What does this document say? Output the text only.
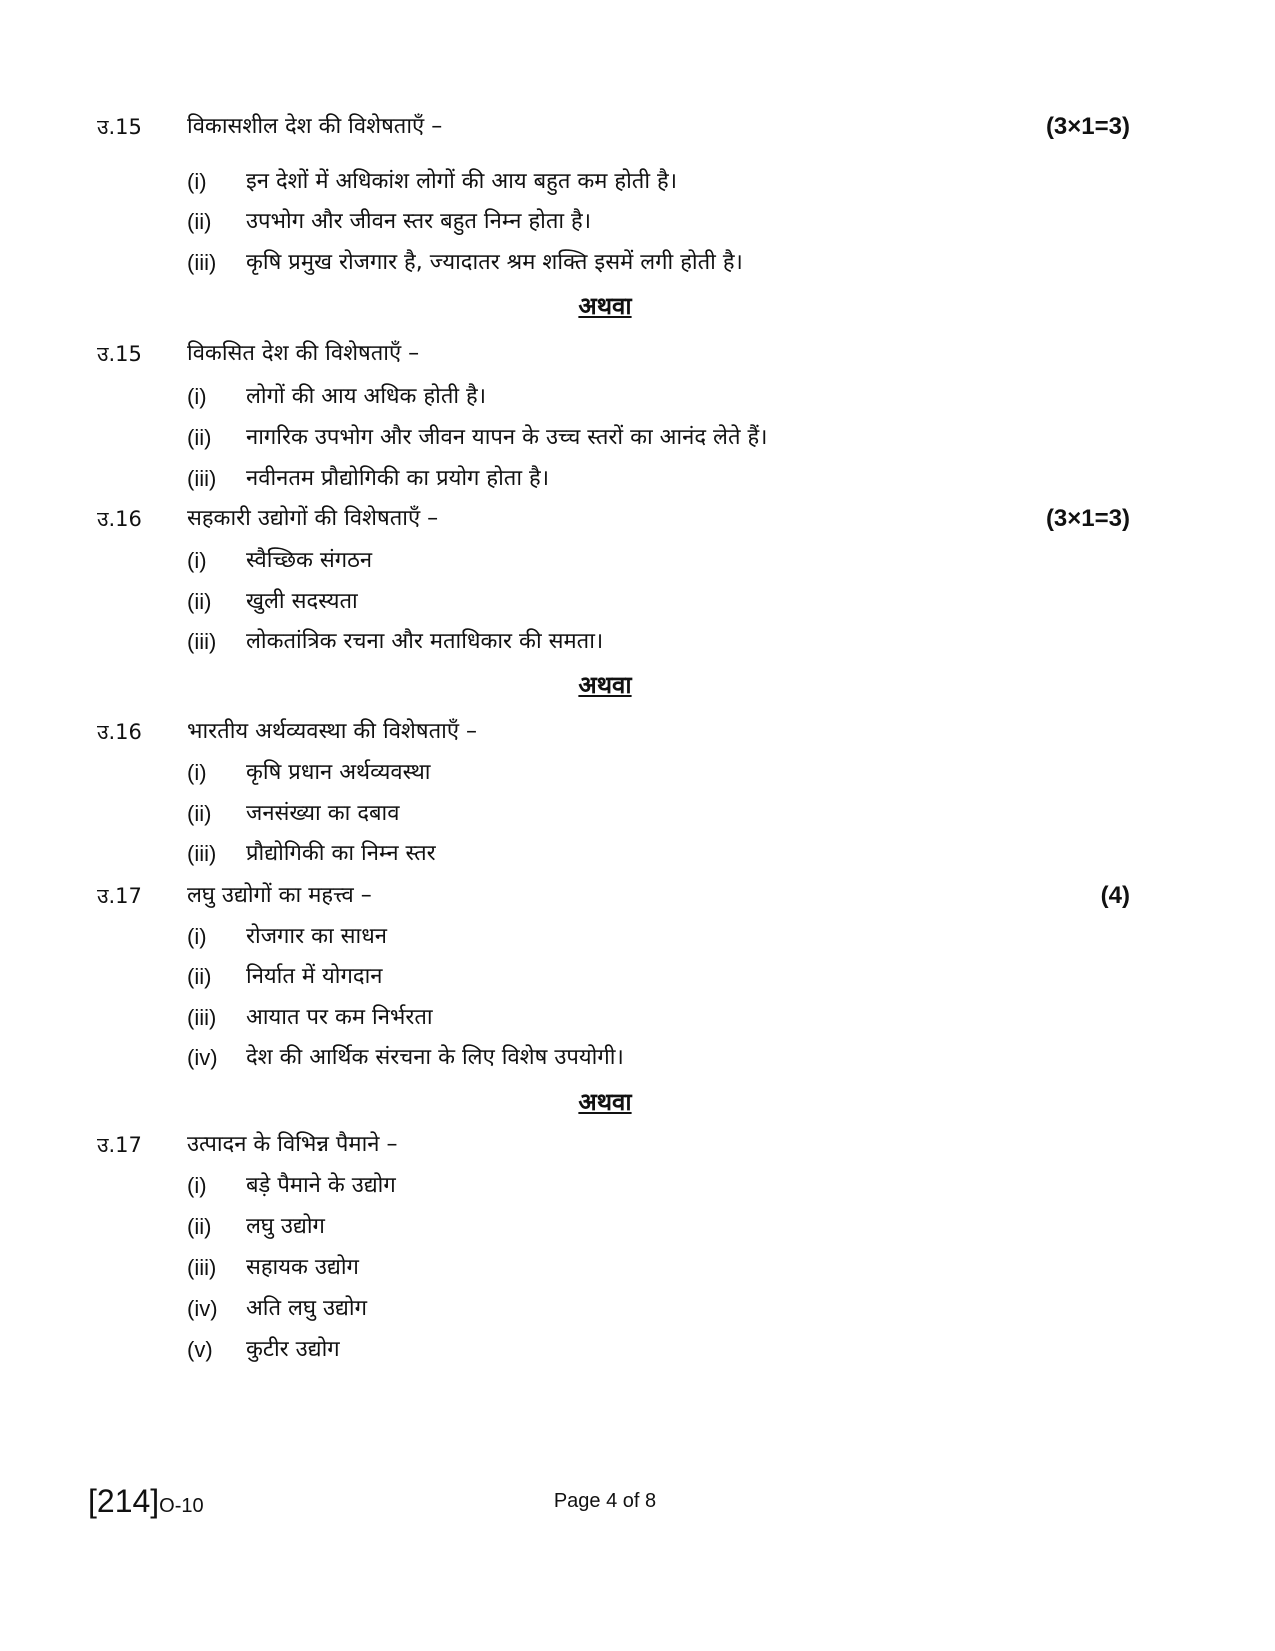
उ.15 विकासशील देश की विशेषताएँ –	(3×1=3)
(i) इन देशों में अधिकांश लोगों की आय बहुत कम होती है।
(ii) उपभोग और जीवन स्तर बहुत निम्न होता है।
(iii) कृषि प्रमुख रोजगार है, ज्यादातर श्रम शक्ति इसमें लगी होती है।
अथवा
उ.15 विकसित देश की विशेषताएँ –
(i) लोगों की आय अधिक होती है।
(ii) नागरिक उपभोग और जीवन यापन के उच्च स्तरों का आनंद लेते हैं।
(iii) नवीनतम प्रौद्योगिकी का प्रयोग होता है।
उ.16 सहकारी उद्योगों की विशेषताएँ –	(3×1=3)
(i) स्वैच्छिक संगठन
(ii) खुली सदस्यता
(iii) लोकतांत्रिक रचना और मताधिकार की समता।
अथवा
उ.16 भारतीय अर्थव्यवस्था की विशेषताएँ –
(i) कृषि प्रधान अर्थव्यवस्था
(ii) जनसंख्या का दबाव
(iii) प्रौद्योगिकी का निम्न स्तर
उ.17 लघु उद्योगों का महत्त्व –	(4)
(i) रोजगार का साधन
(ii) निर्यात में योगदान
(iii) आयात पर कम निर्भरता
(iv) देश की आर्थिक संरचना के लिए विशेष उपयोगी।
अथवा
उ.17 उत्पादन के विभिन्न पैमाने –
(i) बड़े पैमाने के उद्योग
(ii) लघु उद्योग
(iii) सहायक उद्योग
(iv) अति लघु उद्योग
(v) कुटीर उद्योग
[214]O-10	Page 4 of 8
